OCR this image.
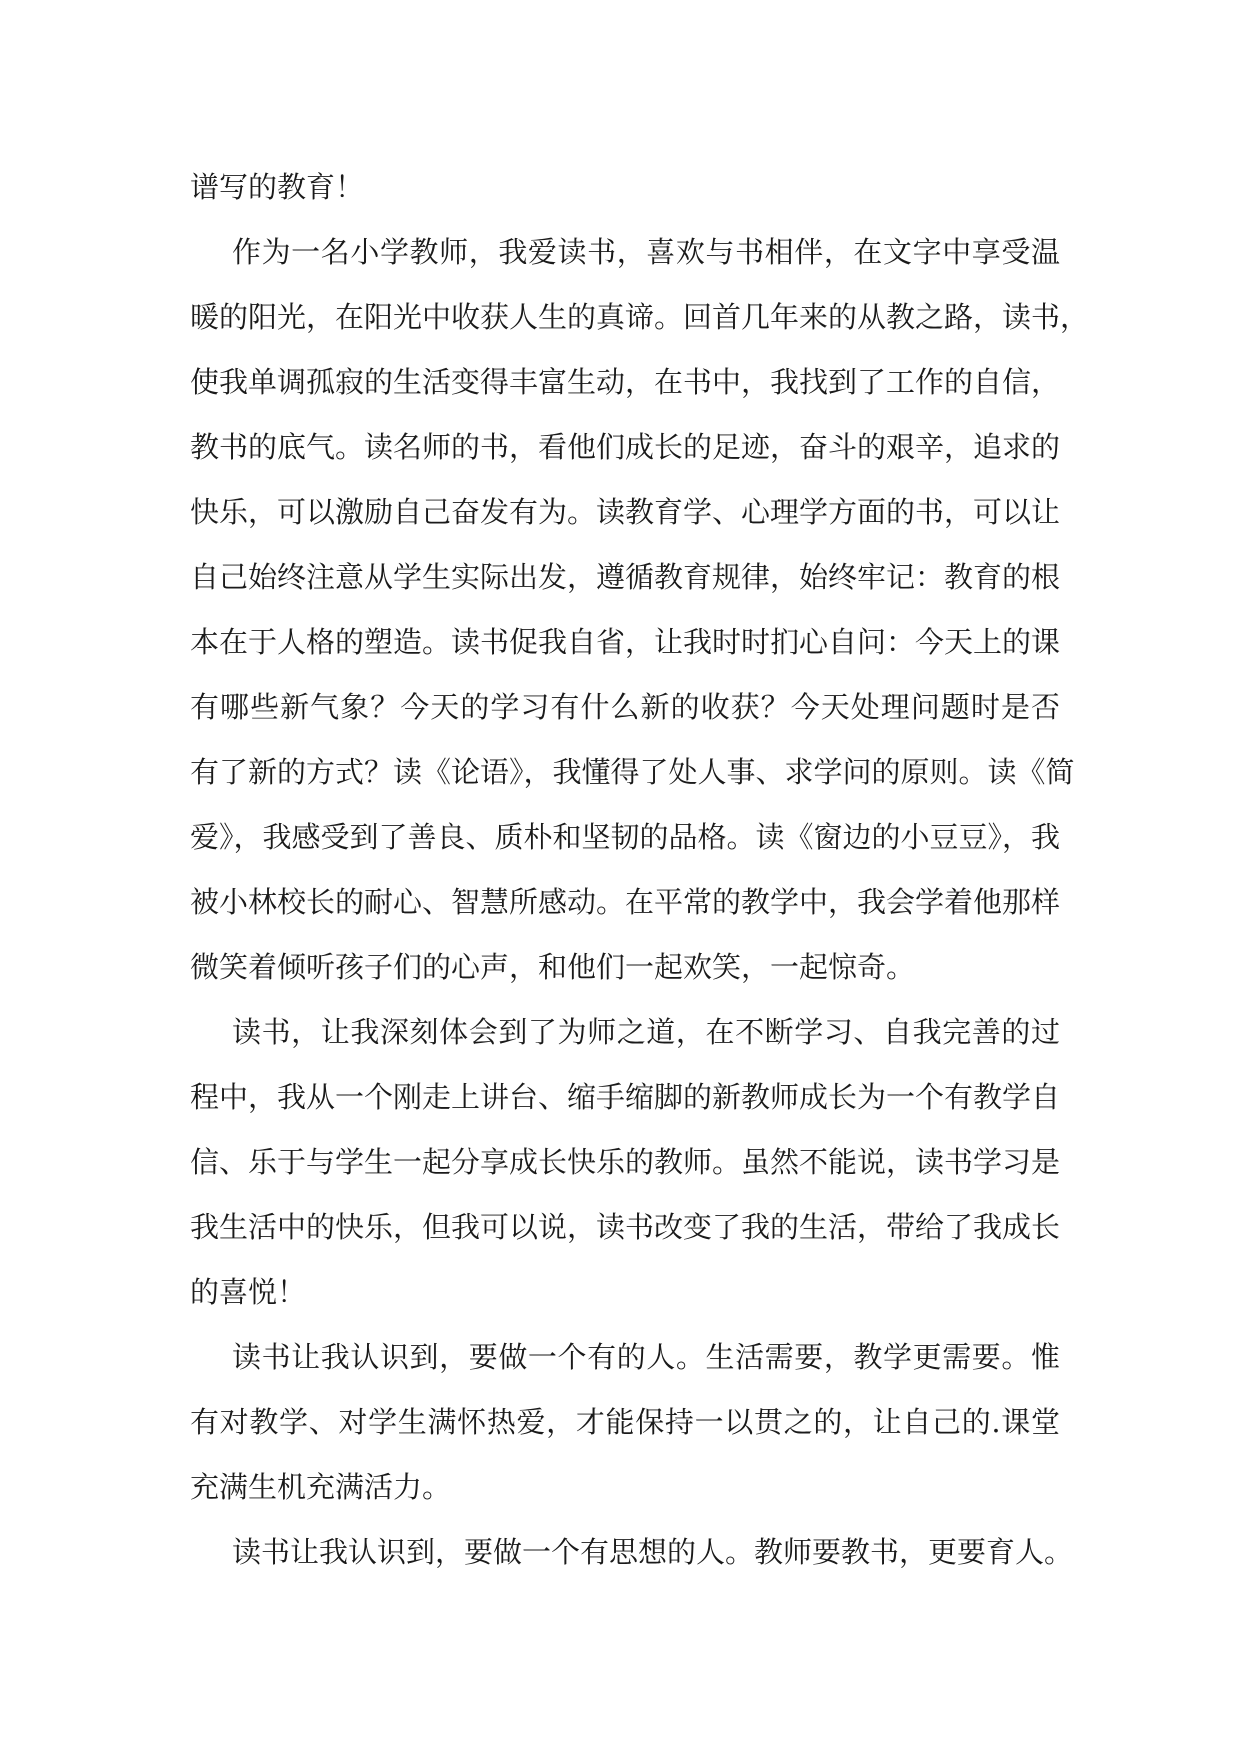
谱写的教育！
作为一名小学教师，我爱读书，喜欢与书相伴，在文字中享受温
暖的阳光，在阳光中收获人生的真谛。回首几年来的从教之路，读书，
使我单调孤寂的生活变得丰富生动，在书中，我找到了工作的自信，
教书的底气。读名师的书，看他们成长的足迹，奋斗的艰辛，追求的
快乐，可以激励自己奋发有为。读教育学、心理学方面的书，可以让
自己始终注意从学生实际出发，遵循教育规律，始终牢记：教育的根
本在于人格的塑造。读书促我自省，让我时时扪心自问：今天上的课
有哪些新气象？今天的学习有什么新的收获？今天处理问题时是否
有了新的方式？读《论语》，我懂得了处人事、求学问的原则。读《简
爱》，我感受到了善良、质朴和坚韧的品格。读《窗边的小豆豆》，我
被小林校长的耐心、智慧所感动。在平常的教学中，我会学着他那样
微笑着倾听孩子们的心声，和他们一起欢笑，一起惊奇。
读书，让我深刻体会到了为师之道，在不断学习、自我完善的过
程中，我从一个刚走上讲台、缩手缩脚的新教师成长为一个有教学自
信、乐于与学生一起分享成长快乐的教师。虽然不能说，读书学习是
我生活中的快乐，但我可以说，读书改变了我的生活，带给了我成长
的喜悦！
读书让我认识到，要做一个有的人。生活需要，教学更需要。惟
有对教学、对学生满怀热爱，才能保持一以贯之的，让自己的.课堂
充满生机充满活力。
读书让我认识到，要做一个有思想的人。教师要教书，更要育人。
